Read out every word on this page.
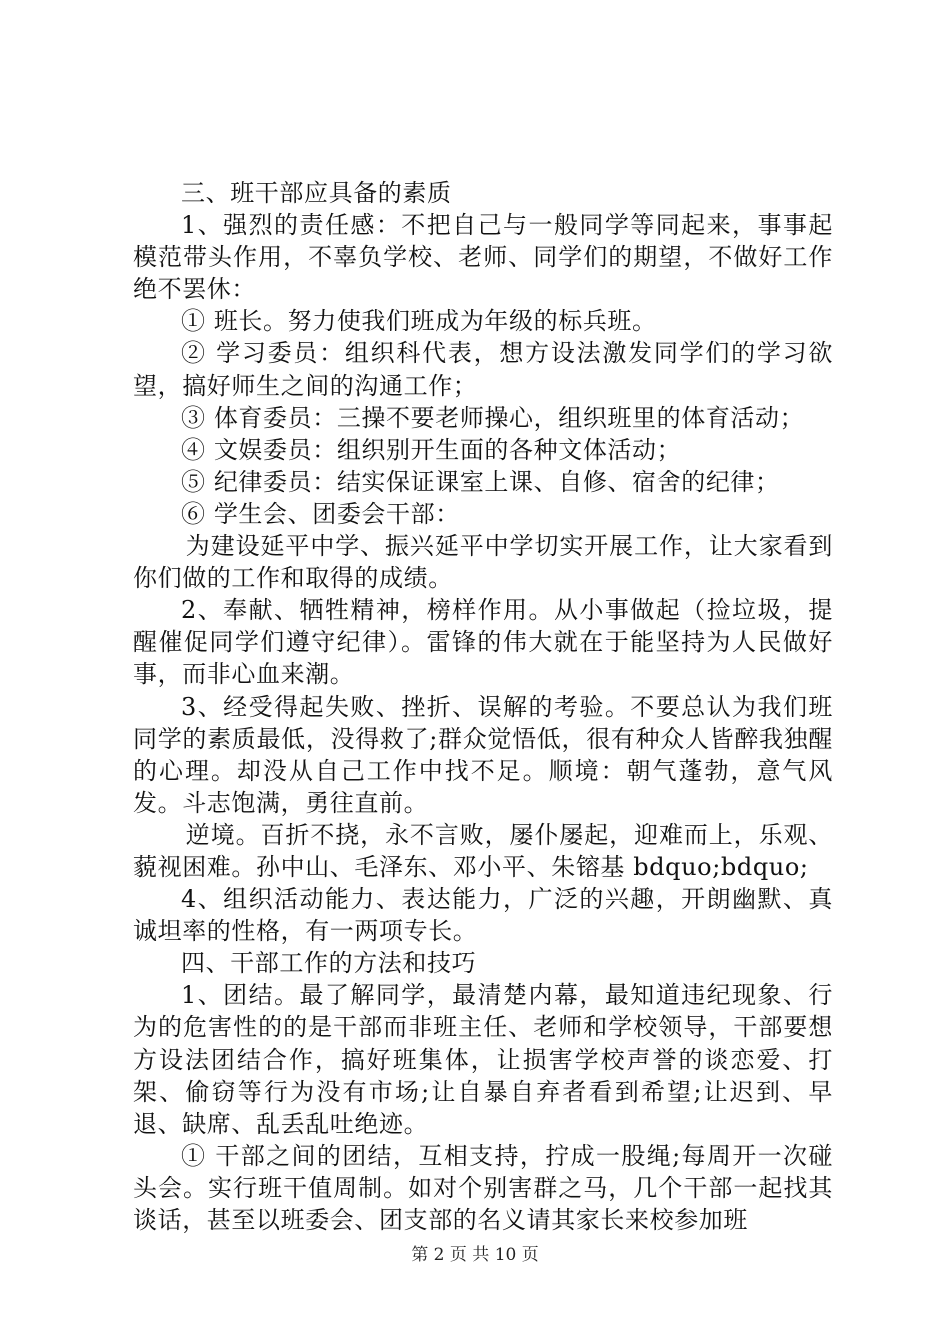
三、班干部应具备的素质

1、强烈的责任感：不把自己与一般同学等同起来，事事起模范带头作用，不辜负学校、老师、同学们的期望，不做好工作绝不罢休：

① 班长。努力使我们班成为年级的标兵班。

② 学习委员：组织科代表，想方设法激发同学们的学习欲望，搞好师生之间的沟通工作；

③ 体育委员：三操不要老师操心，组织班里的体育活动；

④ 文娱委员：组织别开生面的各种文体活动；

⑤ 纪律委员：结实保证课室上课、自修、宿舍的纪律；

⑥ 学生会、团委会干部：

为建设延平中学、振兴延平中学切实开展工作，让大家看到你们做的工作和取得的成绩。

2、奉献、牺牲精神，榜样作用。从小事做起（捡垃圾，提醒催促同学们遵守纪律）。雷锋的伟大就在于能坚持为人民做好事，而非心血来潮。

3、经受得起失败、挫折、误解的考验。不要总认为我们班同学的素质最低，没得救了;群众觉悟低，很有种众人皆醉我独醒的心理。却没从自己工作中找不足。顺境：朝气蓬勃，意气风发。斗志饱满，勇往直前。

逆境。百折不挠，永不言败，屡仆屡起，迎难而上，乐观、藐视困难。孙中山、毛泽东、邓小平、朱镕基 bdquo;bdquo;

4、组织活动能力、表达能力，广泛的兴趣，开朗幽默、真诚坦率的性格，有一两项专长。

四、干部工作的方法和技巧

1、团结。最了解同学，最清楚内幕，最知道违纪现象、行为的危害性的的是干部而非班主任、老师和学校领导，干部要想方设法团结合作，搞好班集体，让损害学校声誉的谈恋爱、打架、偷窃等行为没有市场;让自暴自弃者看到希望;让迟到、早退、缺席、乱丢乱吐绝迹。

① 干部之间的团结，互相支持，拧成一股绳;每周开一次碰头会。实行班干值周制。如对个别害群之马，几个干部一起找其谈话，甚至以班委会、团支部的名义请其家长来校参加班

第 2 页 共 10 页
